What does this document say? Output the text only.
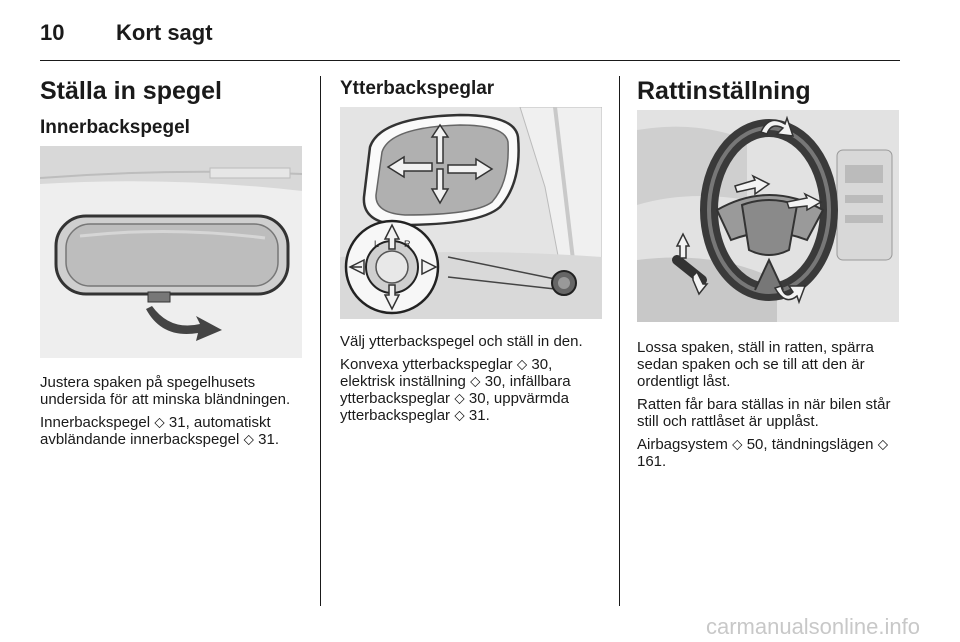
10 Kort sagt
Ställa in spegel
Innerbackspegel

Justera spaken på spegelhusets undersida för att minska bländningen.

Innerbackspegel ⬦ 31, automatiskt avbländande innerbackspegel ⬦ 31.

Ytterbackspeglar
L	R

Välj ytterbackspegel och ställ in den.

Konvexa ytterbackspeglar ⬦ 30, elektrisk inställning ⬦ 30, infällbara ytterbackspeglar ⬦ 30, uppvärmda ytterbackspeglar ⬦ 31.

Rattinställning

Lossa spaken, ställ in ratten, spärra sedan spaken och se till att den är ordentligt låst.

Ratten får bara ställas in när bilen står still och rattlåset är upplåst.

Airbagsystem ⬦ 50, tändningslägen ⬦ 161.

carmanualsonline.info
